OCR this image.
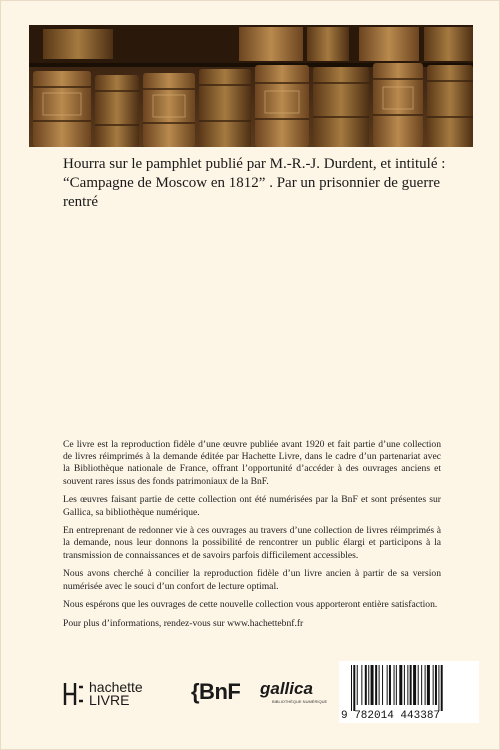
Hourra sur le pamphlet publié par M.-R.-J. Durdent, et intitulé : “Campagne de Moscow en 1812” . Par un prisonnier de guerre rentré

Ce livre est la reproduction fidèle d’une œuvre publiée avant 1920 et fait partie d’une collection de livres réimprimés à la demande éditée par Hachette Livre, dans le cadre d’un partenariat avec la Bibliothèque nationale de France, offrant l’opportunité d’accéder à des ouvrages anciens et souvent rares issus des fonds patrimoniaux de la BnF.

Les œuvres faisant partie de cette collection ont été numérisées par la BnF et sont présentes sur Gallica, sa bibliothèque numérique.

En entreprenant de redonner vie à ces ouvrages au travers d’une collection de livres réimprimés à la demande, nous leur donnons la possibilité de rencontrer un public élargi et participons à la transmission de connaissances et de savoirs parfois difficilement accessibles.

Nous avons cherché à concilier la reproduction fidèle d’un livre ancien à partir de sa version numérisée avec le souci d’un confort de lecture optimal.

Nous espérons que les ouvrages de cette nouvelle collection vous apporteront entière satisfaction.

Pour plus d’informations, rendez-vous sur www.hachettebnf.fr

hachette
LIVRE	{BnF gallica
BIBLIOTHÈQUE NUMÉRIQUE
9 782014 443387
